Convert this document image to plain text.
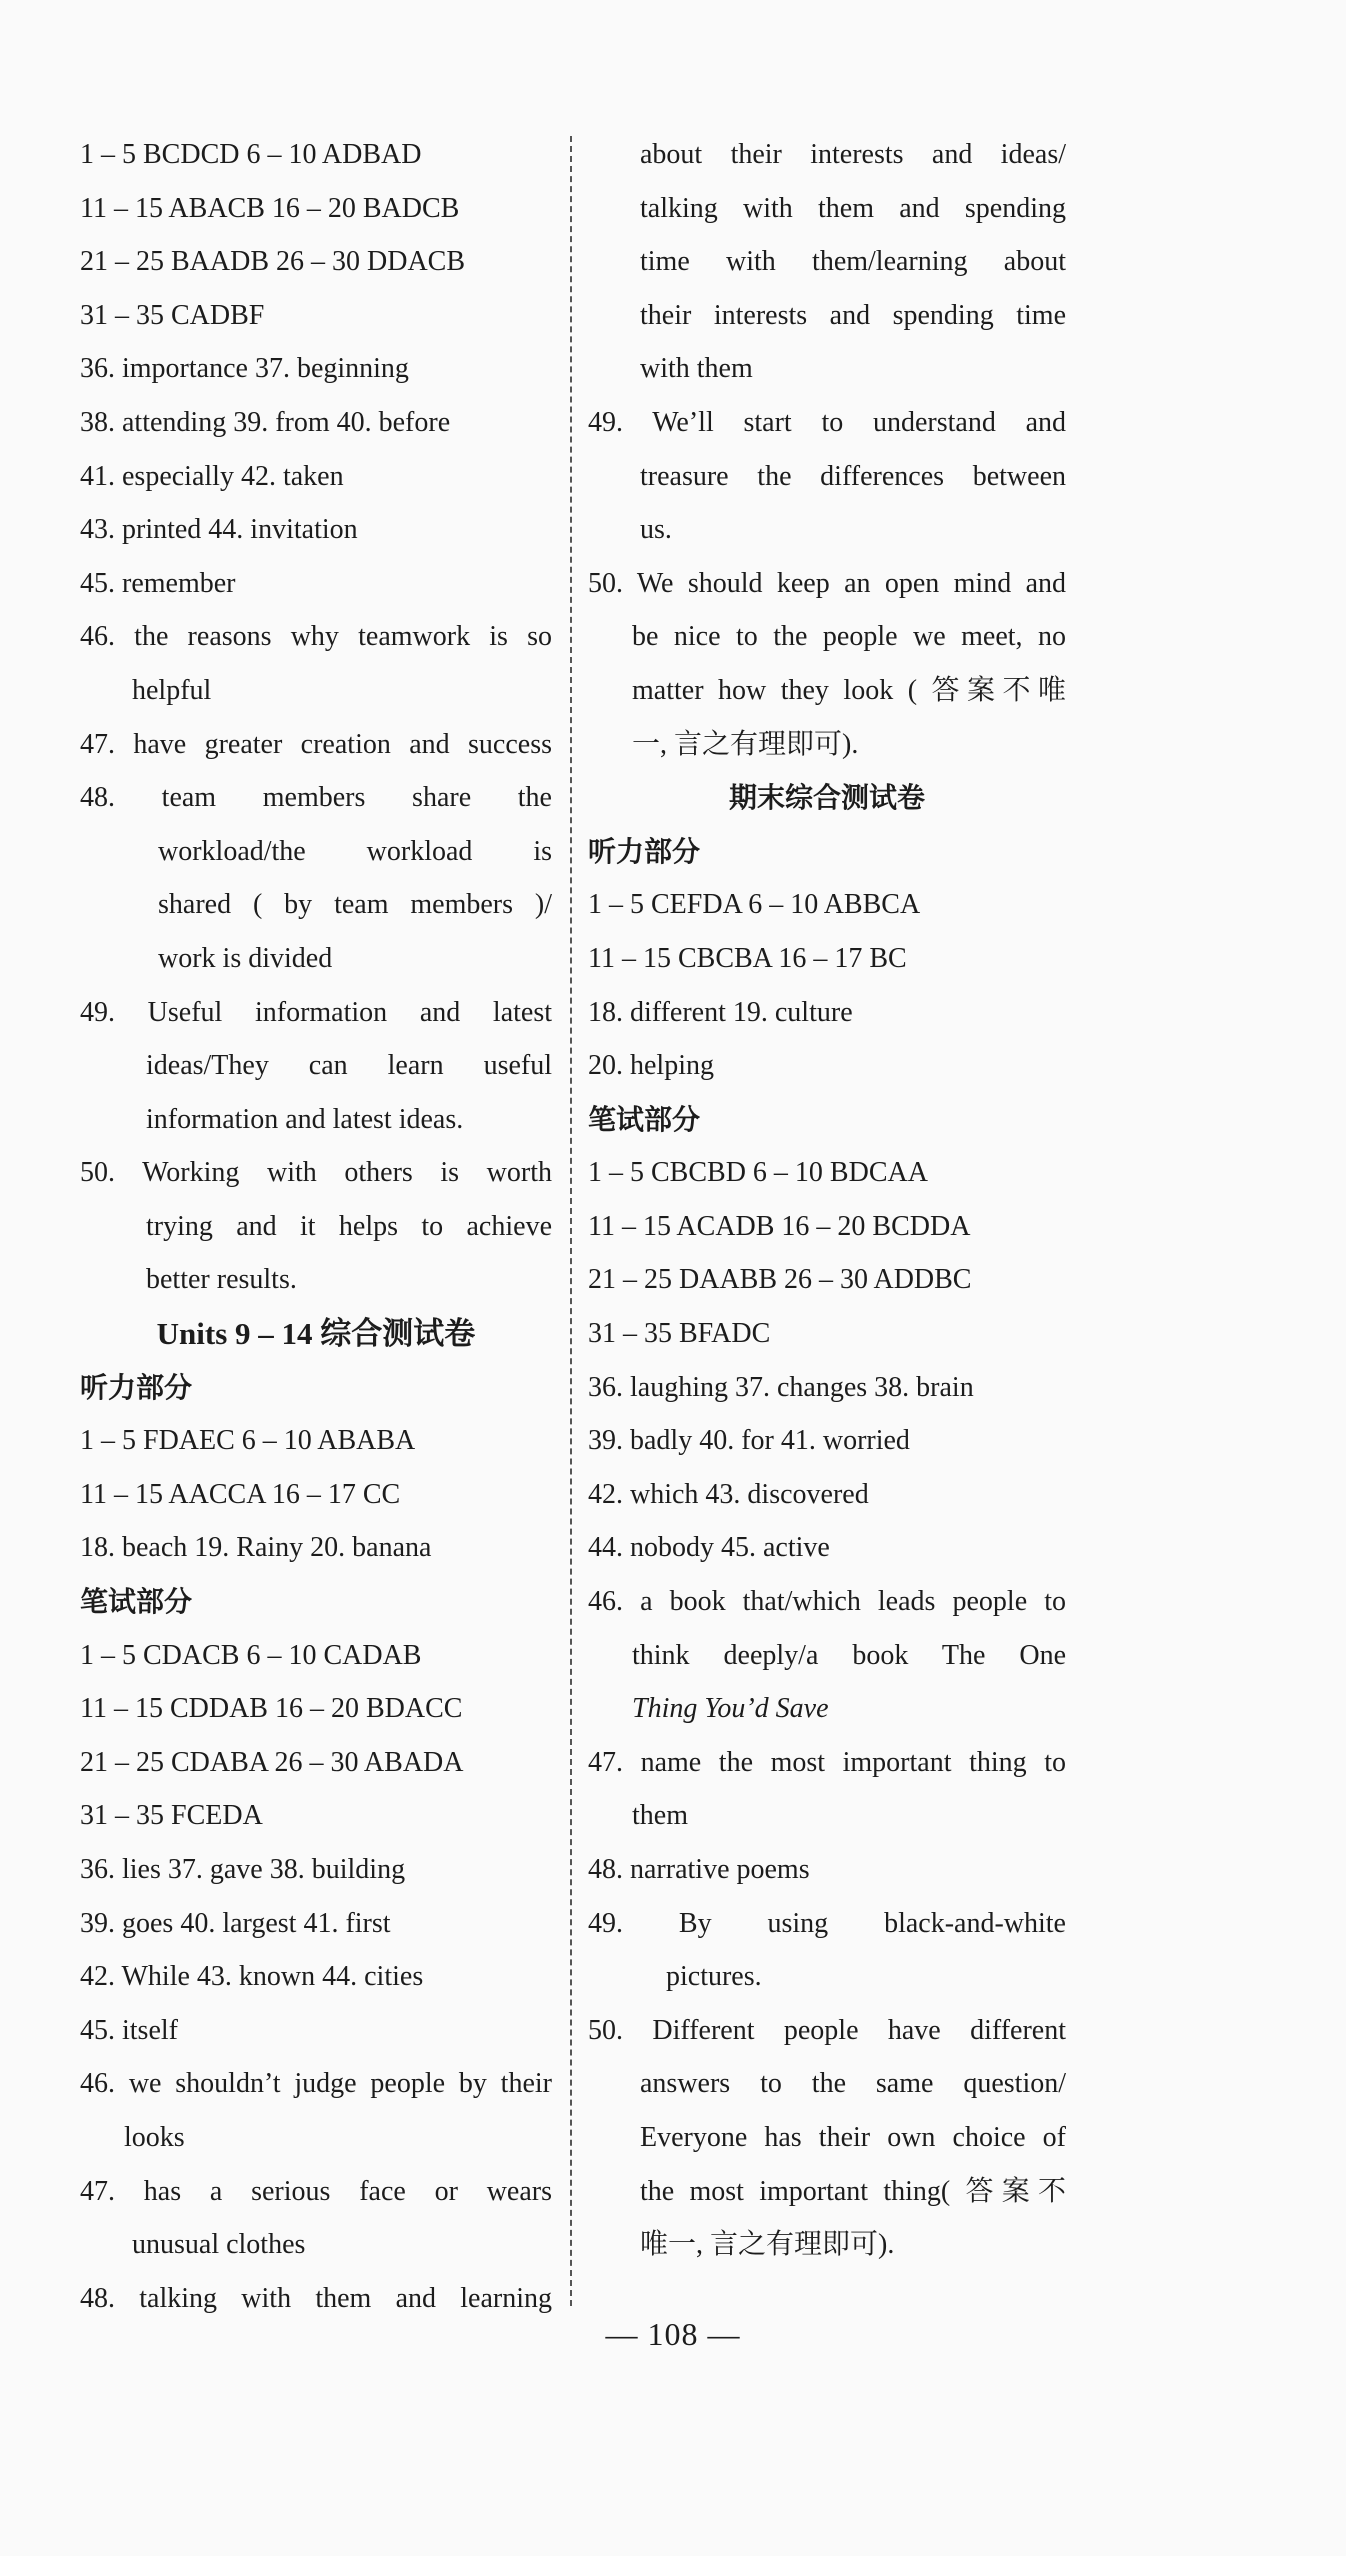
1 – 5 BCDCD 6 – 10 ADBAD
11 – 15 ABACB 16 – 20 BADCB
21 – 25 BAADB 26 – 30 DDACB
31 – 35 CADBF
36. importance 37. beginning
38. attending 39. from 40. before
41. especially 42. taken
43. printed 44. invitation
45. remember
46. the reasons why teamwork is so
helpful
47. have greater creation and success
48. team members share the
workload/the workload is
shared ( by team members )/
work is divided
49. Useful information and latest
ideas/They can learn useful
information and latest ideas.
50. Working with others is worth
trying and it helps to achieve
better results.
Units 9 – 14 综合测试卷
听力部分
1 – 5 FDAEC 6 – 10 ABABA
11 – 15 AACCA 16 – 17 CC
18. beach 19. Rainy 20. banana
笔试部分
1 – 5 CDACB 6 – 10 CADAB
11 – 15 CDDAB 16 – 20 BDACC
21 – 25 CDABA 26 – 30 ABADA
31 – 35 FCEDA
36. lies 37. gave 38. building
39. goes 40. largest 41. first
42. While 43. known 44. cities
45. itself
46. we shouldn’t judge people by their
looks
47. has a serious face or wears
unusual clothes
48. talking with them and learning
about their interests and ideas/
talking with them and spending
time with them/learning about
their interests and spending time
with them
49. We’ll start to understand and
treasure the differences between
us.
50. We should keep an open mind and
be nice to the people we meet, no
matter how they look ( 答案不唯
一, 言之有理即可).
期末综合测试卷
听力部分
1 – 5 CEFDA 6 – 10 ABBCA
11 – 15 CBCBA 16 – 17 BC
18. different 19. culture
20. helping
笔试部分
1 – 5 CBCBD 6 – 10 BDCAA
11 – 15 ACADB 16 – 20 BCDDA
21 – 25 DAABB 26 – 30 ADDBC
31 – 35 BFADC
36. laughing 37. changes 38. brain
39. badly 40. for 41. worried
42. which 43. discovered
44. nobody 45. active
46. a book that/which leads people to
think deeply/a book The One
Thing You’d Save
47. name the most important thing to
them
48. narrative poems
49. By using black-and-white
pictures.
50. Different people have different
answers to the same question/
Everyone has their own choice of
the most important thing( 答案不
唯一, 言之有理即可).
— 108 —
